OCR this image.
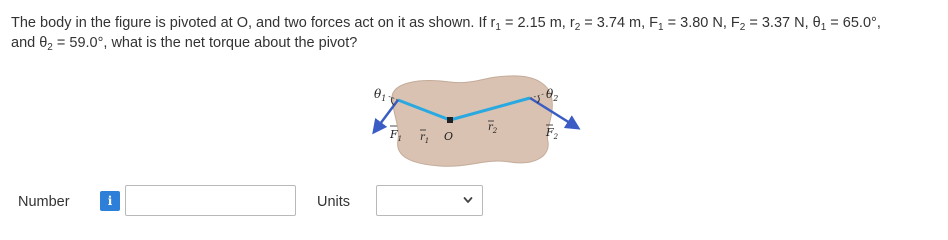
The body in the figure is pivoted at O, and two forces act on it as shown. If $r_1 = 2.15$ m, $r_2 = 3.74$ m, $F_1 = 3.80$ N, $F_2 = 3.37$ N, $\theta_1 = 65.0^\circ$,
and $\theta_2 = 59.0^\circ$, what is the net torque about the pivot?
$\theta_1$	$\theta_2$
$F_1$	$F_2$
$r_1$
$r_2$
O
Number	i	Units
